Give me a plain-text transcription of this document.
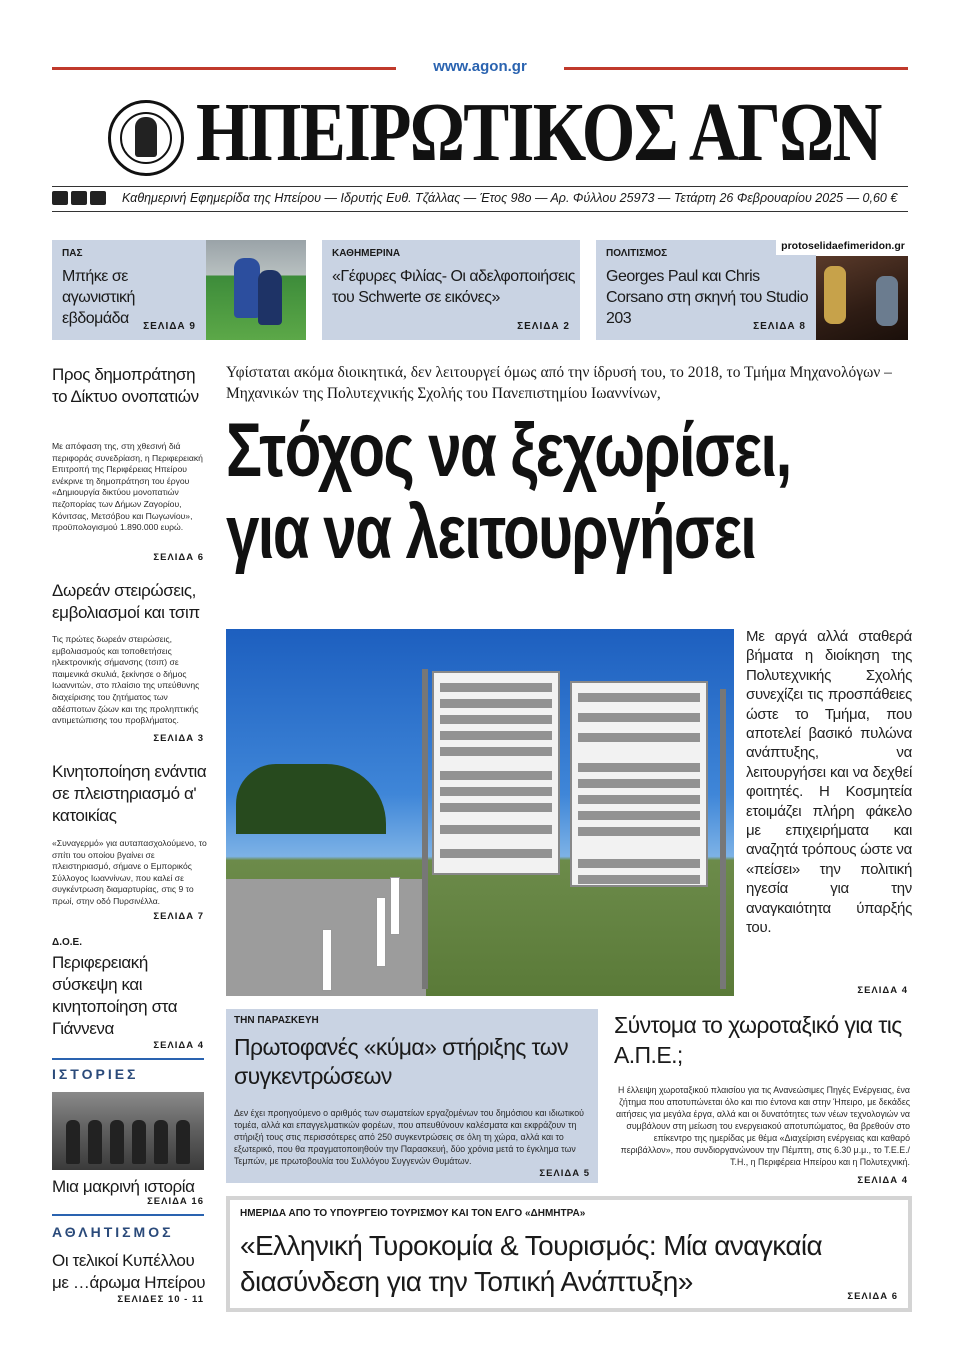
www.agon.gr
ΗΠΕΙΡΩΤΙΚΟΣ ΑΓΩΝ
Καθημερινή Εφημερίδα της Ηπείρου — Ιδρυτής Ευθ. Τζάλλας — Έτος 98ο — Αρ. Φύλλου 25973 — Τετάρτη 26 Φεβρουαρίου 2025 — 0,60 €
ΠΑΣ
Μπήκε σε αγωνιστική εβδομάδα	ΣΕΛΙΔΑ 9
ΚΑΘΗΜΕΡΙΝΑ
«Γέφυρες Φιλίας- Οι αδελφοποιήσεις του Schwerte σε εικόνες»
ΣΕΛΙΔΑ 2
ΠΟΛΙΤΙΣΜΟΣ
Georges Paul και Chris Corsano στη σκηνή του Studio 203	ΣΕΛΙΔΑ 8
protoselidaefimeridon.gr
Προς δημοπράτηση το Δίκτυο ονοπατιών
Με απόφαση της, στη χθεσινή διά περιφοράς συνεδρίαση, η Περιφερειακή Επιτροπή της Περιφέρειας Ηπείρου ενέκρινε τη δημοπράτηση του έργου «Δημιουργία δικτύου μονοπατιών πεζοπορίας των Δήμων Ζαγορίου, Κόνιτσας, Μετσόβου και Πωγωνίου», προϋπολογισμού 1.890.000 ευρώ.
ΣΕΛΙΔΑ 6
Δωρεάν στειρώσεις, εμβολιασμοί και τσιπ
Τις πρώτες δωρεάν στειρώσεις, εμβολιασμούς και τοποθετήσεις ηλεκτρονικής σήμανσης (τσιπ) σε παιμενικά σκυλιά, ξεκίνησε ο δήμος Ιωαννιτών, στο πλαίσιο της υπεύθυνης διαχείρισης του ζητήματος των αδέσποτων ζώων και της προληπτικής αντιμετώπισης του προβλήματος.
ΣΕΛΙΔΑ 3
Κινητοποίηση ενάντια σε πλειστηριασμό α' κατοικίας
«Συναγερμό» για αυταπασχολούμενο, το σπίτι του οποίου βγαίνει σε πλειστηριασμό, σήμανε ο Εμπορικός Σύλλογος Ιωαννίνων, που καλεί σε συγκέντρωση διαμαρτυρίας, στις 9 το πρωί, στην οδό Πυρσινέλλα.
ΣΕΛΙΔΑ 7
Δ.Ο.Ε.
Περιφερειακή σύσκεψη και κινητοποίηση στα Γιάννενα
ΣΕΛΙΔΑ 4
ΙΣΤΟΡΙΕΣ
Μια μακρινή ιστορία
ΣΕΛΙΔΑ 16
ΑΘΛΗΤΙΣΜΟΣ
Οι τελικοί Κυπέλλου με …άρωμα Ηπείρου
ΣΕΛΙΔΕΣ 10 - 11
Υφίσταται ακόμα διοικητικά, δεν λειτουργεί όμως από την ίδρυσή του, το 2018, το Τμήμα Μηχανολόγων – Μηχανικών της Πολυτεχνικής Σχολής του Πανεπιστημίου Ιωαννίνων,
Στόχος να ξεχωρίσει,
για να λειτουργήσει
Με αργά αλλά σταθερά βήματα η διοίκηση της Πολυτεχνικής Σχολής συνεχίζει τις προσπάθειες ώστε το Τμήμα, που αποτελεί βασικό πυλώνα ανάπτυξης, να λειτουργήσει και να δεχθεί φοιτητές. Η Κοσμητεία ετοιμάζει πλήρη φάκελο με επιχειρήματα και αναζητά τρόπους ώστε να «πείσει» την πολιτική ηγεσία για την αναγκαιότητα ύπαρξής του.
ΣΕΛΙΔΑ 4
ΤΗΝ ΠΑΡΑΣΚΕΥΗ
Πρωτοφανές «κύμα» στήριξης των συγκεντρώσεων
Δεν έχει προηγούμενο ο αριθμός των σωματείων εργαζομένων του δημόσιου και ιδιωτικού τομέα, αλλά και επαγγελματικών φορέων, που απευθύνουν καλέσματα και εκφράζουν τη στήριξή τους στις περισσότερες από 250 συγκεντρώσεις σε όλη τη χώρα, αλλά και το εξωτερικό, που θα πραγματοποιηθούν την Παρασκευή, δύο χρόνια μετά το έγκλημα των Τεμπών, με πρωτοβουλία του Συλλόγου Συγγενών Θυμάτων.
ΣΕΛΙΔΑ 5
Σύντομα το χωροταξικό για τις Α.Π.Ε.;
Η έλλειψη χωροταξικού πλαισίου για τις Ανανεώσιμες Πηγές Ενέργειας, ένα ζήτημα που αποτυπώνεται όλο και πιο έντονα και στην Ήπειρο, με δεκάδες αιτήσεις για μεγάλα έργα, αλλά και οι δυνατότητες των νέων τεχνολογιών να συμβάλουν στη μείωση του ενεργειακού αποτυπώματος, θα βρεθούν στο επίκεντρο της ημερίδας με θέμα «Διαχείριση ενέργειας και καθαρό περιβάλλον», που συνδιοργανώνουν την Πέμπτη, στις 6.30 μ.μ., το Τ.Ε.Ε./Τ.Η., η Περιφέρεια Ηπείρου και η Πολυτεχνική.
ΣΕΛΙΔΑ 4
ΗΜΕΡΙΔΑ ΑΠΟ ΤΟ ΥΠΟΥΡΓΕΙΟ ΤΟΥΡΙΣΜΟΥ ΚΑΙ ΤΟΝ ΕΛΓΟ «ΔΗΜΗΤΡΑ»
«Ελληνική Τυροκομία & Τουρισμός: Μία αναγκαία διασύνδεση για την Τοπική Ανάπτυξη»	ΣΕΛΙΔΑ 6
